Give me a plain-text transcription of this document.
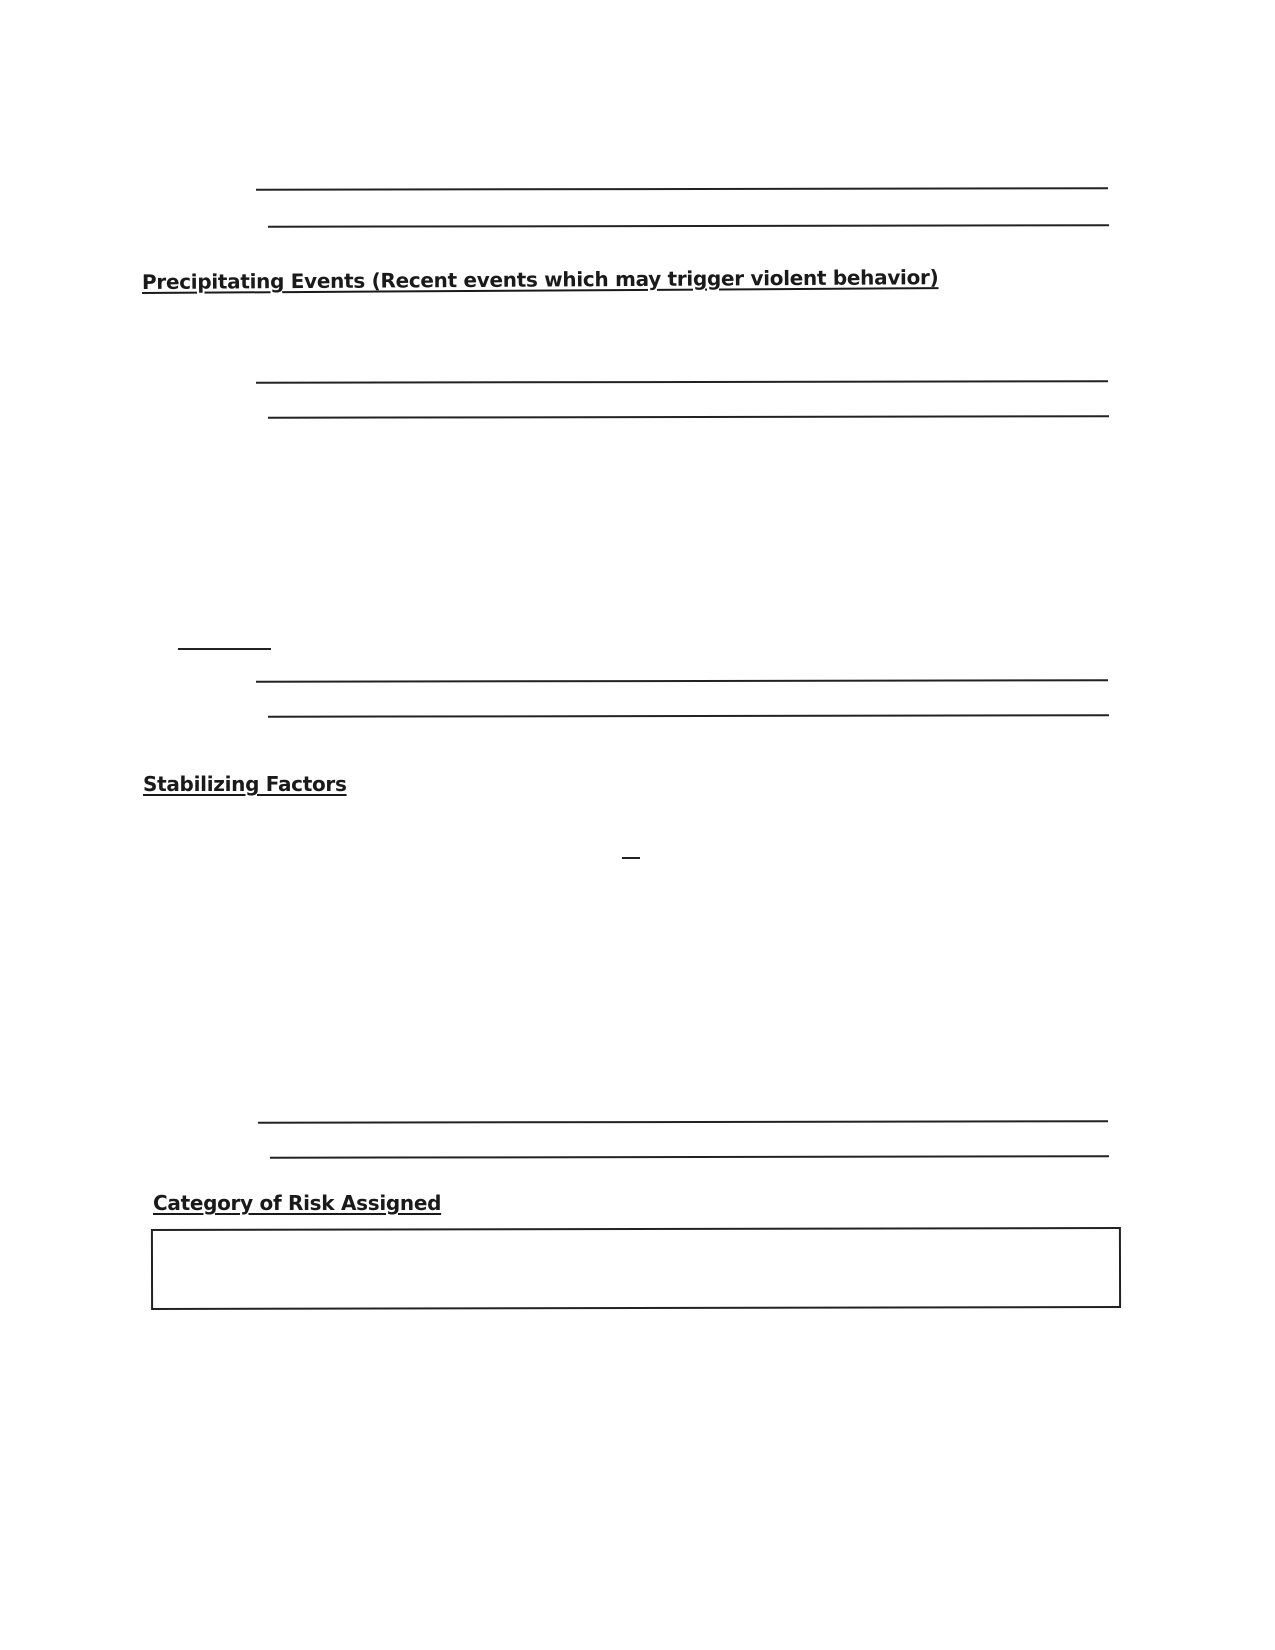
Precipitating Events (Recent events which may trigger violent behavior)
Stabilizing Factors
Category of Risk Assigned
